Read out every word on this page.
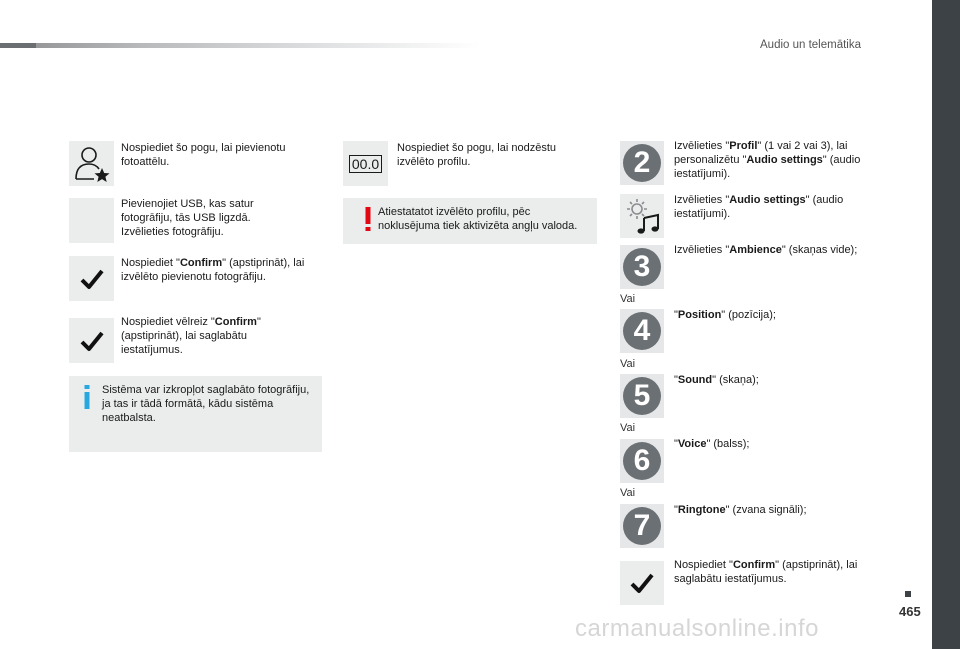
Audio un telemātika
Nospiediet šo pogu, lai pievienotu fotoattēlu.
Pievienojiet USB, kas satur fotogrāfiju, tās USB ligzdā. Izvēlieties fotogrāfiju.
Nospiediet "Confirm" (apstiprināt), lai izvēlēto pievienotu fotogrāfiju.
Nospiediet vēlreiz "Confirm" (apstiprināt), lai saglabātu iestatījumus.
Sistēma var izkropļot saglabāto fotogrāfiju, ja tas ir tādā formātā, kādu sistēma neatbalsta.
00.0
Nospiediet šo pogu, lai nodzēstu izvēlēto profilu.
Atiestatatot izvēlēto profilu, pēc noklusējuma tiek aktivizēta angļu valoda.
2	Izvēlieties "Profil" (1 vai 2 vai 3), lai personalizētu "Audio settings" (audio iestatījumi).
Izvēlieties "Audio settings" (audio iestatījumi).
3	Izvēlieties "Ambience" (skaņas vide);
Vai
4	"Position" (pozīcija);
Vai
5	"Sound" (skaņa);
Vai
6	"Voice" (balss);
Vai
7	"Ringtone" (zvana signāli);
Nospiediet "Confirm" (apstiprināt), lai saglabātu iestatījumus.
465
carmanualsonline.info
